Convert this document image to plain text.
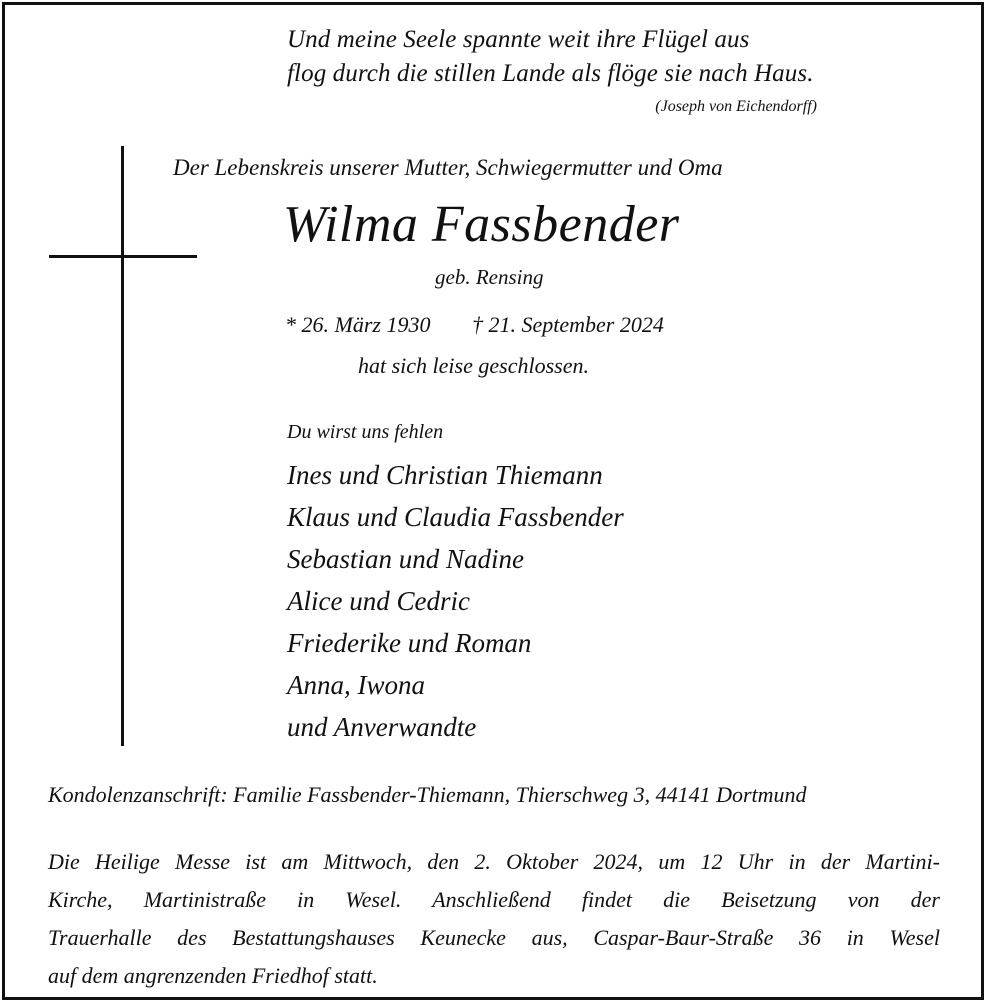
Und meine Seele spannte weit ihre Flügel aus
flog durch die stillen Lande als flöge sie nach Haus.
(Joseph von Eichendorff)
Der Lebenskreis unserer Mutter, Schwiegermutter und Oma
Wilma Fassbender
geb. Rensing
* 26. März 1930 † 21. September 2024
hat sich leise geschlossen.
Du wirst uns fehlen
Ines und Christian Thiemann
Klaus und Claudia Fassbender
Sebastian und Nadine
Alice und Cedric
Friederike und Roman
Anna, Iwona
und Anverwandte
Kondolenzanschrift: Familie Fassbender-Thiemann, Thierschweg 3, 44141 Dortmund
Die Heilige Messe ist am Mittwoch, den 2. Oktober 2024, um 12 Uhr in der Martini-
Kirche, Martinistraße in Wesel. Anschließend findet die Beisetzung von der
Trauerhalle des Bestattungshauses Keunecke aus, Caspar-Baur-Straße 36 in Wesel
auf dem angrenzenden Friedhof statt.
